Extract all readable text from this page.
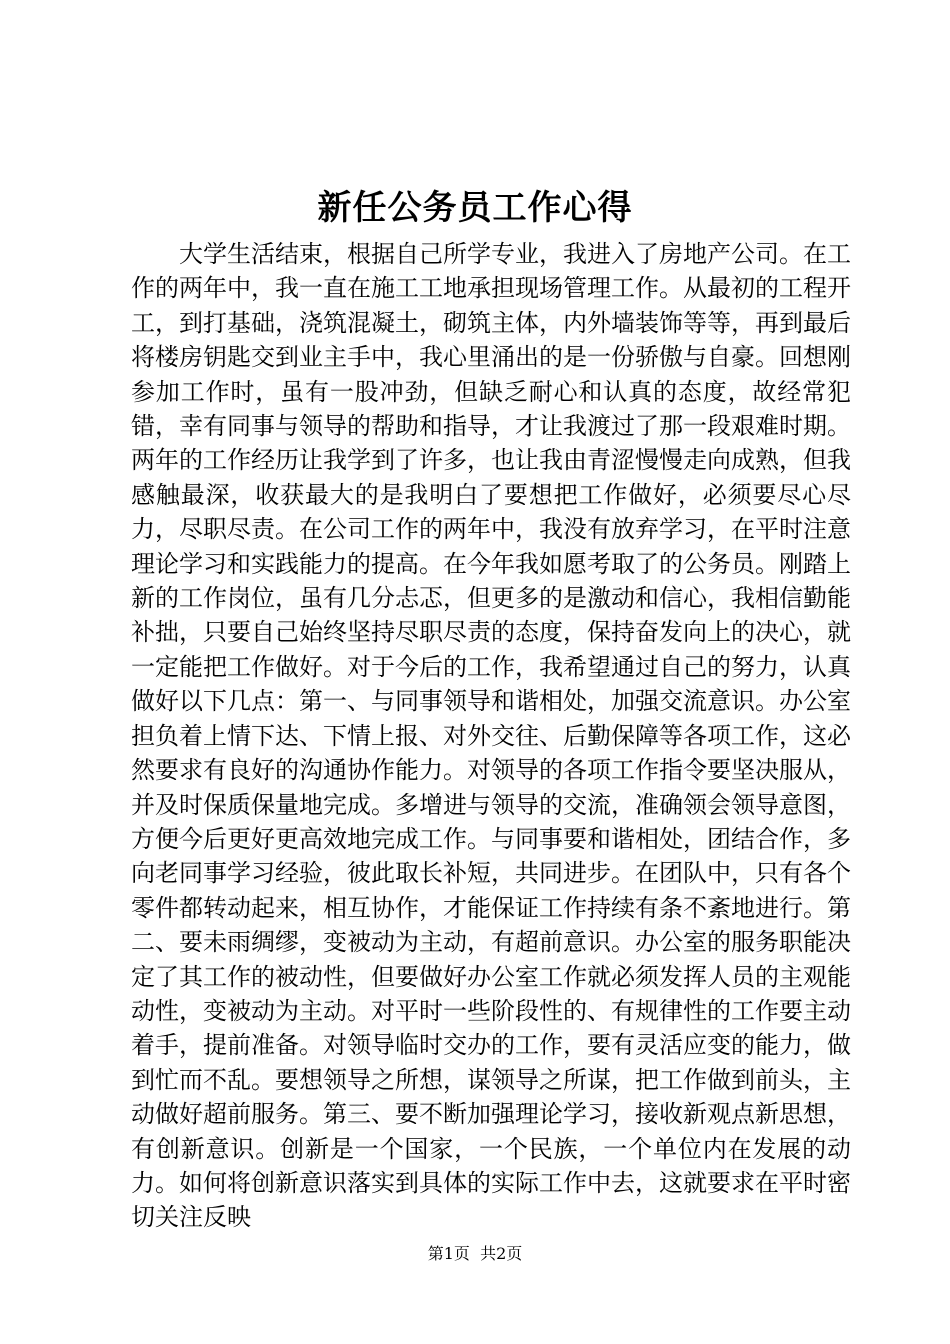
新任公务员工作心得

大学生活结束，根据自己所学专业，我进入了房地产公司。在工作的两年中，我一直在施工工地承担现场管理工作。从最初的工程开工，到打基础，浇筑混凝土，砌筑主体，内外墙装饰等等，再到最后将楼房钥匙交到业主手中，我心里涌出的是一份骄傲与自豪。回想刚参加工作时，虽有一股冲劲，但缺乏耐心和认真的态度，故经常犯错，幸有同事与领导的帮助和指导，才让我渡过了那一段艰难时期。两年的工作经历让我学到了许多，也让我由青涩慢慢走向成熟，但我感触最深，收获最大的是我明白了要想把工作做好，必须要尽心尽力，尽职尽责。在公司工作的两年中，我没有放弃学习，在平时注意理论学习和实践能力的提高。在今年我如愿考取了的公务员。刚踏上新的工作岗位，虽有几分忐忑，但更多的是激动和信心，我相信勤能补拙，只要自己始终坚持尽职尽责的态度，保持奋发向上的决心，就一定能把工作做好。对于今后的工作，我希望通过自己的努力，认真做好以下几点：第一、与同事领导和谐相处，加强交流意识。办公室担负着上情下达、下情上报、对外交往、后勤保障等各项工作，这必然要求有良好的沟通协作能力。对领导的各项工作指令要坚决服从，并及时保质保量地完成。多增进与领导的交流，准确领会领导意图，方便今后更好更高效地完成工作。与同事要和谐相处，团结合作，多向老同事学习经验，彼此取长补短，共同进步。在团队中，只有各个零件都转动起来，相互协作，才能保证工作持续有条不紊地进行。第二、要未雨绸缪，变被动为主动，有超前意识。办公室的服务职能决定了其工作的被动性，但要做好办公室工作就必须发挥人员的主观能动性，变被动为主动。对平时一些阶段性的、有规律性的工作要主动着手，提前准备。对领导临时交办的工作，要有灵活应变的能力，做到忙而不乱。要想领导之所想，谋领导之所谋，把工作做到前头，主动做好超前服务。第三、要不断加强理论学习，接收新观点新思想，有创新意识。创新是一个国家，一个民族，一个单位内在发展的动力。如何将创新意识落实到具体的实际工作中去，这就要求在平时密切关注反映

第1页 共2页
